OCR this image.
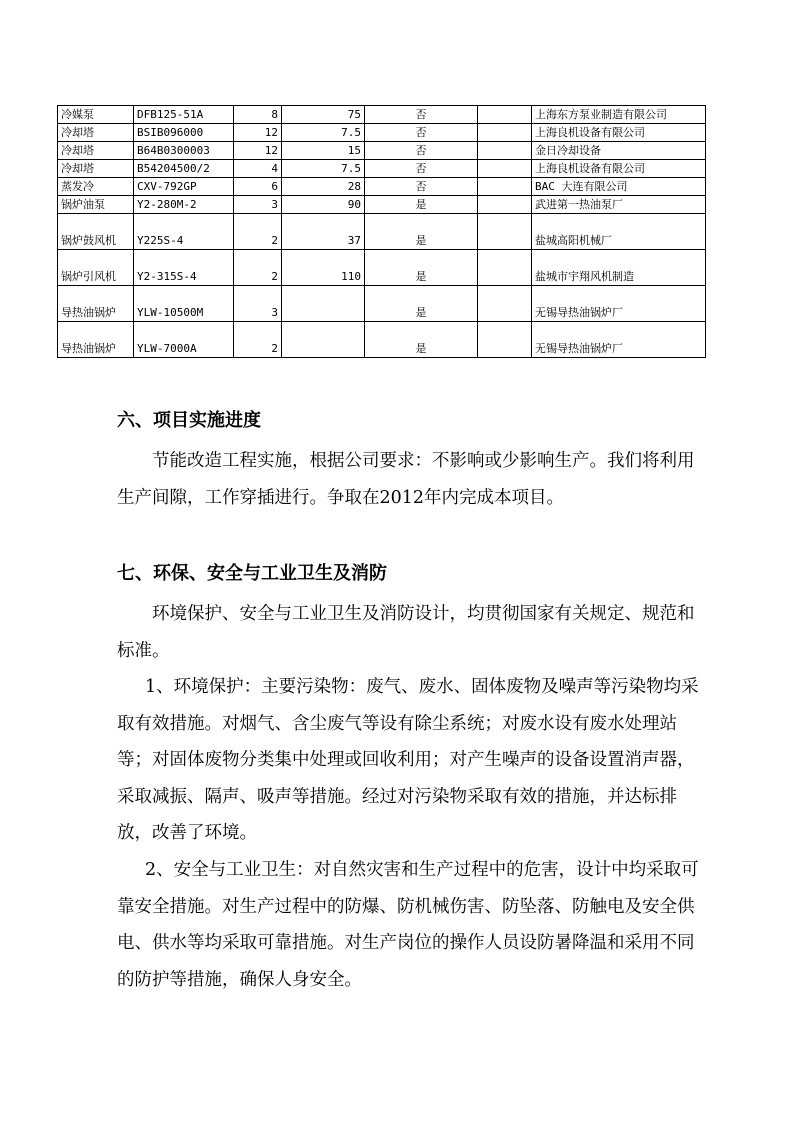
冷媒泵	DFB125-51A	8	75	否		上海东方泵业制造有限公司
冷却塔	BSIB096000	12	7.5	否		上海良机设备有限公司
冷却塔	B64B0300003	12	15	否		金日冷却设备
冷却塔	B54204500/2	4	7.5	否		上海良机设备有限公司
蒸发冷	CXV-792GP	6	28	否		BAC 大连有限公司
锅炉油泵	Y2-280M-2	3	90	是		武进第一热油泵厂
锅炉鼓风机	Y225S-4	2	37	是		盐城高阳机械厂
锅炉引风机	Y2-315S-4	2	110	是		盐城市宇翔风机制造
导热油锅炉	YLW-10500M	3		是		无锡导热油锅炉厂
导热油锅炉	YLW-7000A	2		是		无锡导热油锅炉厂
六、项目实施进度

节能改造工程实施，根据公司要求：不影响或少影响生产。我们将利用生产间隙，工作穿插进行。争取在2012年内完成本项目。

七、环保、安全与工业卫生及消防

环境保护、安全与工业卫生及消防设计，均贯彻国家有关规定、规范和标准。

1、环境保护：主要污染物：废气、废水、固体废物及噪声等污染物均采取有效措施。对烟气、含尘废气等设有除尘系统；对废水设有废水处理站等；对固体废物分类集中处理或回收利用；对产生噪声的设备设置消声器，采取减振、隔声、吸声等措施。经过对污染物采取有效的措施，并达标排放，改善了环境。

2、安全与工业卫生：对自然灾害和生产过程中的危害，设计中均采取可靠安全措施。对生产过程中的防爆、防机械伤害、防坠落、防触电及安全供电、供水等均采取可靠措施。对生产岗位的操作人员设防暑降温和采用不同的防护等措施，确保人身安全。
